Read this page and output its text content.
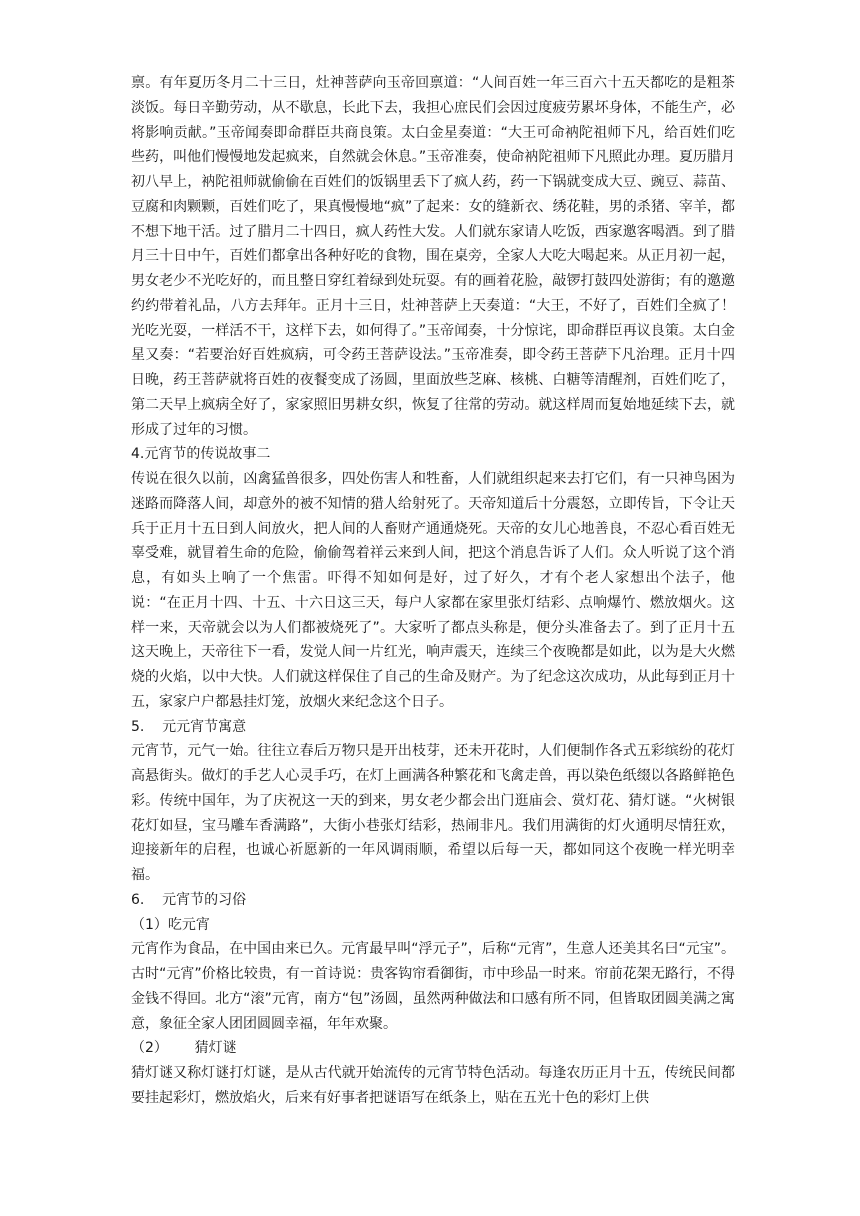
禀。有年夏历冬月二十三日，灶神菩萨向玉帝回禀道：“人间百姓一年三百六十五天都吃的是粗茶淡饭。每日辛勤劳动，从不歇息，长此下去，我担心庶民们会因过度疲劳累坏身体，不能生产，必将影响贡献。”玉帝闻奏即命群臣共商良策。太白金星奏道：“大王可命衲陀祖师下凡，给百姓们吃些药，叫他们慢慢地发起疯来，自然就会休息。”玉帝准奏，使命衲陀祖师下凡照此办理。夏历腊月初八早上，衲陀祖师就偷偷在百姓们的饭锅里丢下了疯人药，药一下锅就变成大豆、豌豆、蒜苗、豆腐和肉颗颗，百姓们吃了，果真慢慢地“疯”了起来：女的缝新衣、绣花鞋，男的杀猪、宰羊，都不想下地干活。过了腊月二十四日，疯人药性大发。人们就东家请人吃饭，西家邀客喝酒。到了腊月三十日中午，百姓们都拿出各种好吃的食物，围在桌旁，全家人大吃大喝起来。从正月初一起，男女老少不光吃好的，而且整日穿红着绿到处玩耍。有的画着花脸，敲锣打鼓四处游街；有的邀邀约约带着礼品，八方去拜年。正月十三日，灶神菩萨上天奏道：“大王，不好了，百姓们全疯了！光吃光耍，一样活不干，这样下去，如何得了。”玉帝闻奏，十分惊诧，即命群臣再议良策。太白金星又奏：“若要治好百姓疯病，可令药王菩萨设法。”玉帝准奏，即令药王菩萨下凡治理。正月十四日晚，药王菩萨就将百姓的夜餐变成了汤圆，里面放些芝麻、核桃、白糖等清醒剂，百姓们吃了，第二天早上疯病全好了，家家照旧男耕女织，恢复了往常的劳动。就这样周而复始地延续下去，就形成了过年的习惯。

4.元宵节的传说故事二

传说在很久以前，凶禽猛兽很多，四处伤害人和牲畜，人们就组织起来去打它们，有一只神鸟困为迷路而降落人间，却意外的被不知情的猎人给射死了。天帝知道后十分震怒，立即传旨，下令让天兵于正月十五日到人间放火，把人间的人畜财产通通烧死。天帝的女儿心地善良，不忍心看百姓无辜受难，就冒着生命的危险，偷偷驾着祥云来到人间，把这个消息告诉了人们。众人听说了这个消息，有如头上响了一个焦雷。吓得不知如何是好，过了好久，才有个老人家想出个法子，他说：“在正月十四、十五、十六日这三天，每户人家都在家里张灯结彩、点响爆竹、燃放烟火。这样一来，天帝就会以为人们都被烧死了”。大家听了都点头称是，便分头准备去了。到了正月十五这天晚上，天帝往下一看，发觉人间一片红光，响声震天，连续三个夜晚都是如此，以为是大火燃烧的火焰，以中大快。人们就这样保住了自己的生命及财产。为了纪念这次成功，从此每到正月十五，家家户户都悬挂灯笼，放烟火来纪念这个日子。

5.    元元宵节寓意

元宵节，元气一始。往往立春后万物只是开出枝芽，还未开花时，人们便制作各式五彩缤纷的花灯高悬街头。做灯的手艺人心灵手巧，在灯上画满各种繁花和飞禽走兽，再以染色纸缀以各路鲜艳色彩。传统中国年，为了庆祝这一天的到来，男女老少都会出门逛庙会、赏灯花、猜灯谜。“火树银花灯如昼，宝马雕车香满路”，大街小巷张灯结彩，热闹非凡。我们用满街的灯火通明尽情狂欢，迎接新年的启程，也诚心祈愿新的一年风调雨顺，希望以后每一天，都如同这个夜晚一样光明幸福。

6.    元宵节的习俗

（1）吃元宵

元宵作为食品，在中国由来已久。元宵最早叫“浮元子”，后称“元宵”，生意人还美其名曰“元宝”。古时“元宵”价格比较贵，有一首诗说：贵客钩帘看御街，市中珍品一时来。帘前花架无路行，不得金钱不得回。北方“滚”元宵，南方“包”汤圆，虽然两种做法和口感有所不同，但皆取团圆美满之寓意，象征全家人团团圆圆幸福，年年欢聚。

（2）      猜灯谜

猜灯谜又称灯谜打灯谜，是从古代就开始流传的元宵节特色活动。每逢农历正月十五，传统民间都要挂起彩灯，燃放焰火，后来有好事者把谜语写在纸条上，贴在五光十色的彩灯上供
